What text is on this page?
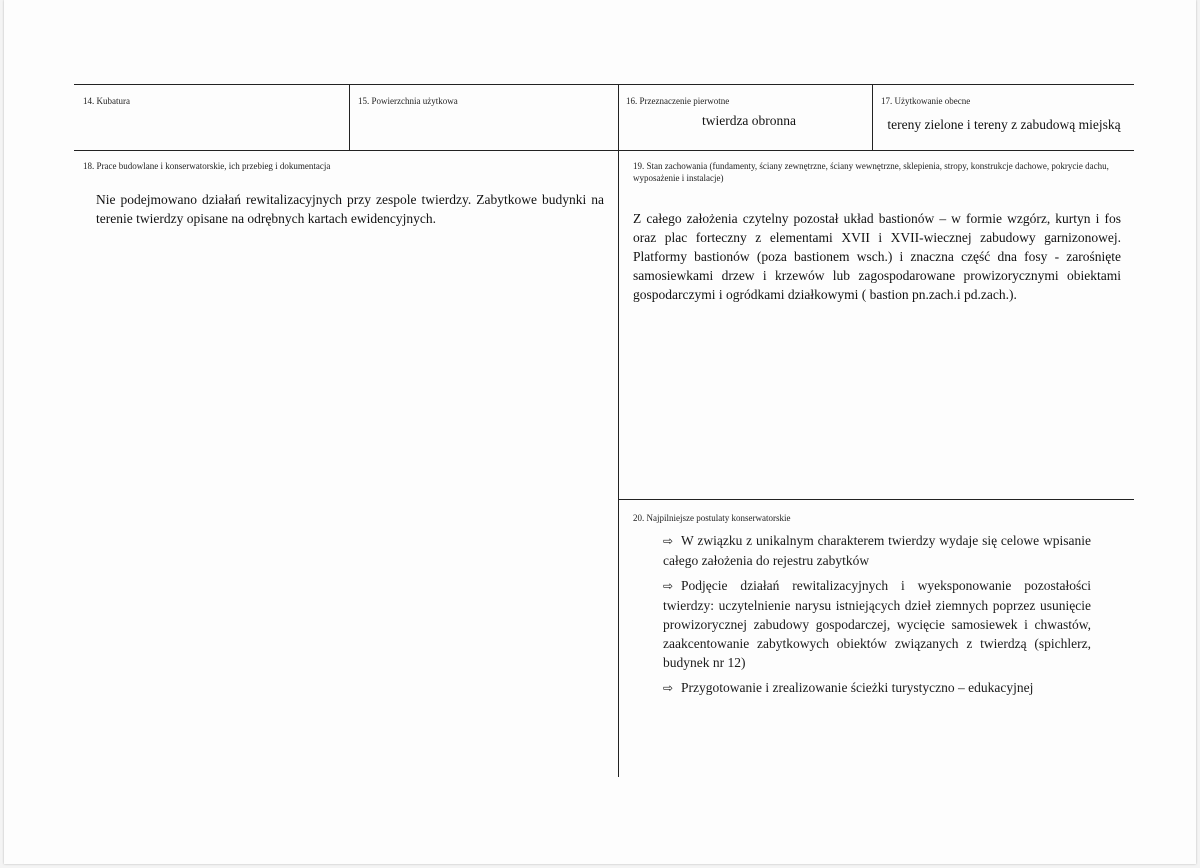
14. Kubatura	15. Powierzchnia użytkowa	16. Przeznaczenie pierwotne
twierdza obronna
17. Użytkowanie obecne
tereny zielone i tereny z zabudową miejską
18. Prace budowlane i konserwatorskie, ich przebieg i dokumentacja
Nie podejmowano działań rewitalizacyjnych przy zespole twierdzy. Zabytkowe budynki na terenie twierdzy opisane na odrębnych kartach ewidencyjnych.
19. Stan zachowania (fundamenty, ściany zewnętrzne, ściany wewnętrzne, sklepienia, stropy, konstrukcje dachowe, pokrycie dachu, wyposażenie i instalacje)
Z całego założenia czytelny pozostał układ bastionów – w formie wzgórz, kurtyn i fos oraz plac forteczny z elementami XVII i XVII-wiecznej zabudowy garnizonowej. Platformy bastionów (poza bastionem wsch.) i znaczna część dna fosy - zarośnięte samosiewkami drzew i krzewów lub zagospodarowane prowizorycznymi obiektami gospodarczymi i ogródkami działkowymi ( bastion pn.zach.i pd.zach.).
20. Najpilniejsze postulaty konserwatorskie
⇨ W związku z unikalnym charakterem twierdzy wydaje się celowe wpisanie całego założenia do rejestru zabytków
⇨ Podjęcie działań rewitalizacyjnych i wyeksponowanie pozostałości twierdzy: uczytelnienie narysu istniejących dzieł ziemnych poprzez usunięcie prowizorycznej zabudowy gospodarczej, wycięcie samosiewek i chwastów, zaakcentowanie zabytkowych obiektów związanych z twierdzą (spichlerz, budynek nr 12)
⇨ Przygotowanie i zrealizowanie ścieżki turystyczno – edukacyjnej
